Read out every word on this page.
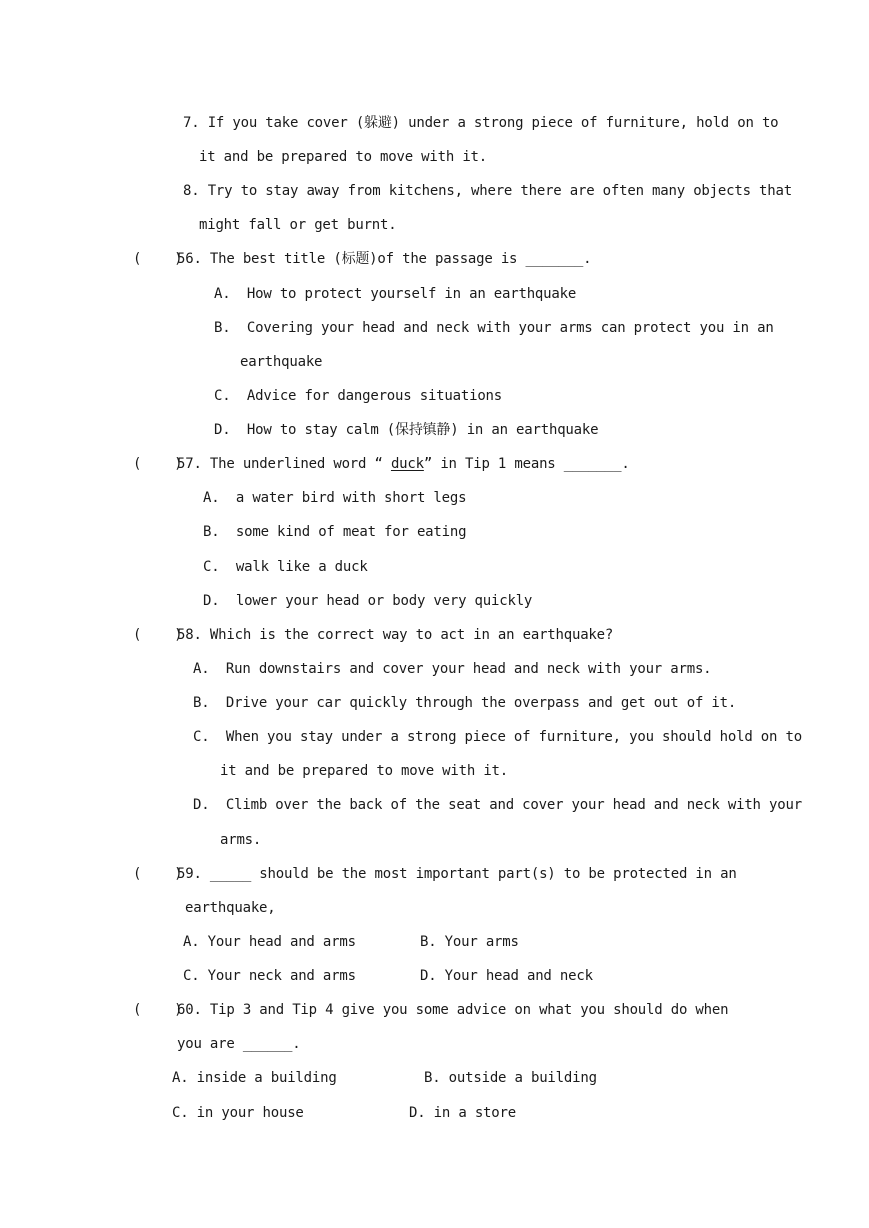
7. If you take cover (躲避) under a strong piece of furniture, hold on to
it and be prepared to move with it.
8. Try to stay away from kitchens, where there are often many objects that
might fall or get burnt.
(    )
56. The best title (标题)of the passage is _______.
A.  How to protect yourself in an earthquake
B.  Covering your head and neck with your arms can protect you in an
earthquake
C.  Advice for dangerous situations
D.  How to stay calm (保持镇静) in an earthquake
(    )
57. The underlined word “ duck” in Tip 1 means _______.
A.  a water bird with short legs
B.  some kind of meat for eating
C.  walk like a duck
D.  lower your head or body very quickly
(    )
58. Which is the correct way to act in an earthquake?
A.  Run downstairs and cover your head and neck with your arms.
B.  Drive your car quickly through the overpass and get out of it.
C.  When you stay under a strong piece of furniture, you should hold on to
it and be prepared to move with it.
D.  Climb over the back of the seat and cover your head and neck with your
arms.
(    )
59. _____ should be the most important part(s) to be protected in an
earthquake,
A. Your head and arms	B. Your arms
C. Your neck and arms	D. Your head and neck
(    )
60. Tip 3 and Tip 4 give you some advice on what you should do when
you are ______.
A. inside a building	B. outside a building
C. in your house	D. in a store
